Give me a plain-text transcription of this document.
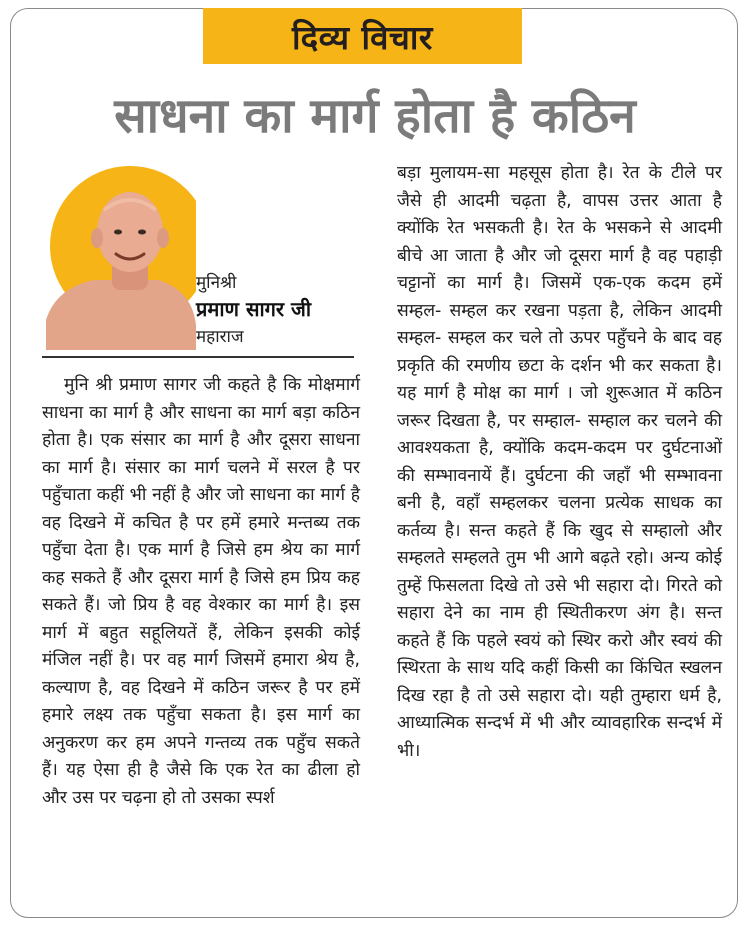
दिव्य विचार
साधना का मार्ग होता है कठिन
मुनिश्री
प्रमाण सागर जी
महाराज
मुनि श्री प्रमाण सागर जी कहते है कि मोक्षमार्ग साधना का मार्ग है और साधना का मार्ग बड़ा कठिन होता है। एक संसार का मार्ग है और दूसरा साधना का मार्ग है। संसार का मार्ग चलने में सरल है पर पहुँचाता कहीं भी नहीं है और जो साधना का मार्ग है वह दिखने में कचित है पर हमें हमारे मन्तब्य तक पहुँचा देता है। एक मार्ग है जिसे हम श्रेय का मार्ग कह सकते हैं और दूसरा मार्ग है जिसे हम प्रिय कह सकते हैं। जो प्रिय है वह वेश्कार का मार्ग है। इस मार्ग में बहुत सहूलियतें हैं, लेकिन इसकी कोई मंजिल नहीं है। पर वह मार्ग जिसमें हमारा श्रेय है, कल्याण है, वह दिखने में कठिन जरूर है पर हमें हमारे लक्ष्य तक पहुँचा सकता है। इस मार्ग का अनुकरण कर हम अपने गन्तव्य तक पहुँच सकते हैं। यह ऐसा ही है जैसे कि एक रेत का ढीला हो और उस पर चढ़ना हो तो उसका स्पर्श
बड़ा मुलायम-सा महसूस होता है। रेत के टीले पर जैसे ही आदमी चढ़ता है, वापस उत्तर आता है क्योंकि रेत भसकती है। रेत के भसकने से आदमी बीचे आ जाता है और जो दूसरा मार्ग है वह पहाड़ी चट्टानों का मार्ग है। जिसमें एक-एक कदम हमें सम्हल- सम्हल कर रखना पड़ता है, लेकिन आदमी सम्हल- सम्हल कर चले तो ऊपर पहुँचने के बाद वह प्रकृति की रमणीय छटा के दर्शन भी कर सकता है। यह मार्ग है मोक्ष का मार्ग । जो शुरूआत में कठिन जरूर दिखता है, पर सम्हाल- सम्हाल कर चलने की आवश्यकता है, क्योंकि कदम-कदम पर दुर्घटनाओं की सम्भावनायें हैं। दुर्घटना की जहाँ भी सम्भावना बनी है, वहाँ सम्हलकर चलना प्रत्येक साधक का कर्तव्य है। सन्त कहते हैं कि खुद से सम्हालो और सम्हलते सम्हलते तुम भी आगे बढ़ते रहो। अन्य कोई तुम्हें फिसलता दिखे तो उसे भी सहारा दो। गिरते को सहारा देने का नाम ही स्थितीकरण अंग है। सन्त कहते हैं कि पहले स्वयं को स्थिर करो और स्वयं की स्थिरता के साथ यदि कहीं किसी का किंचित स्खलन दिख रहा है तो उसे सहारा दो। यही तुम्हारा धर्म है, आध्यात्मिक सन्दर्भ में भी और व्यावहारिक सन्दर्भ में भी।
